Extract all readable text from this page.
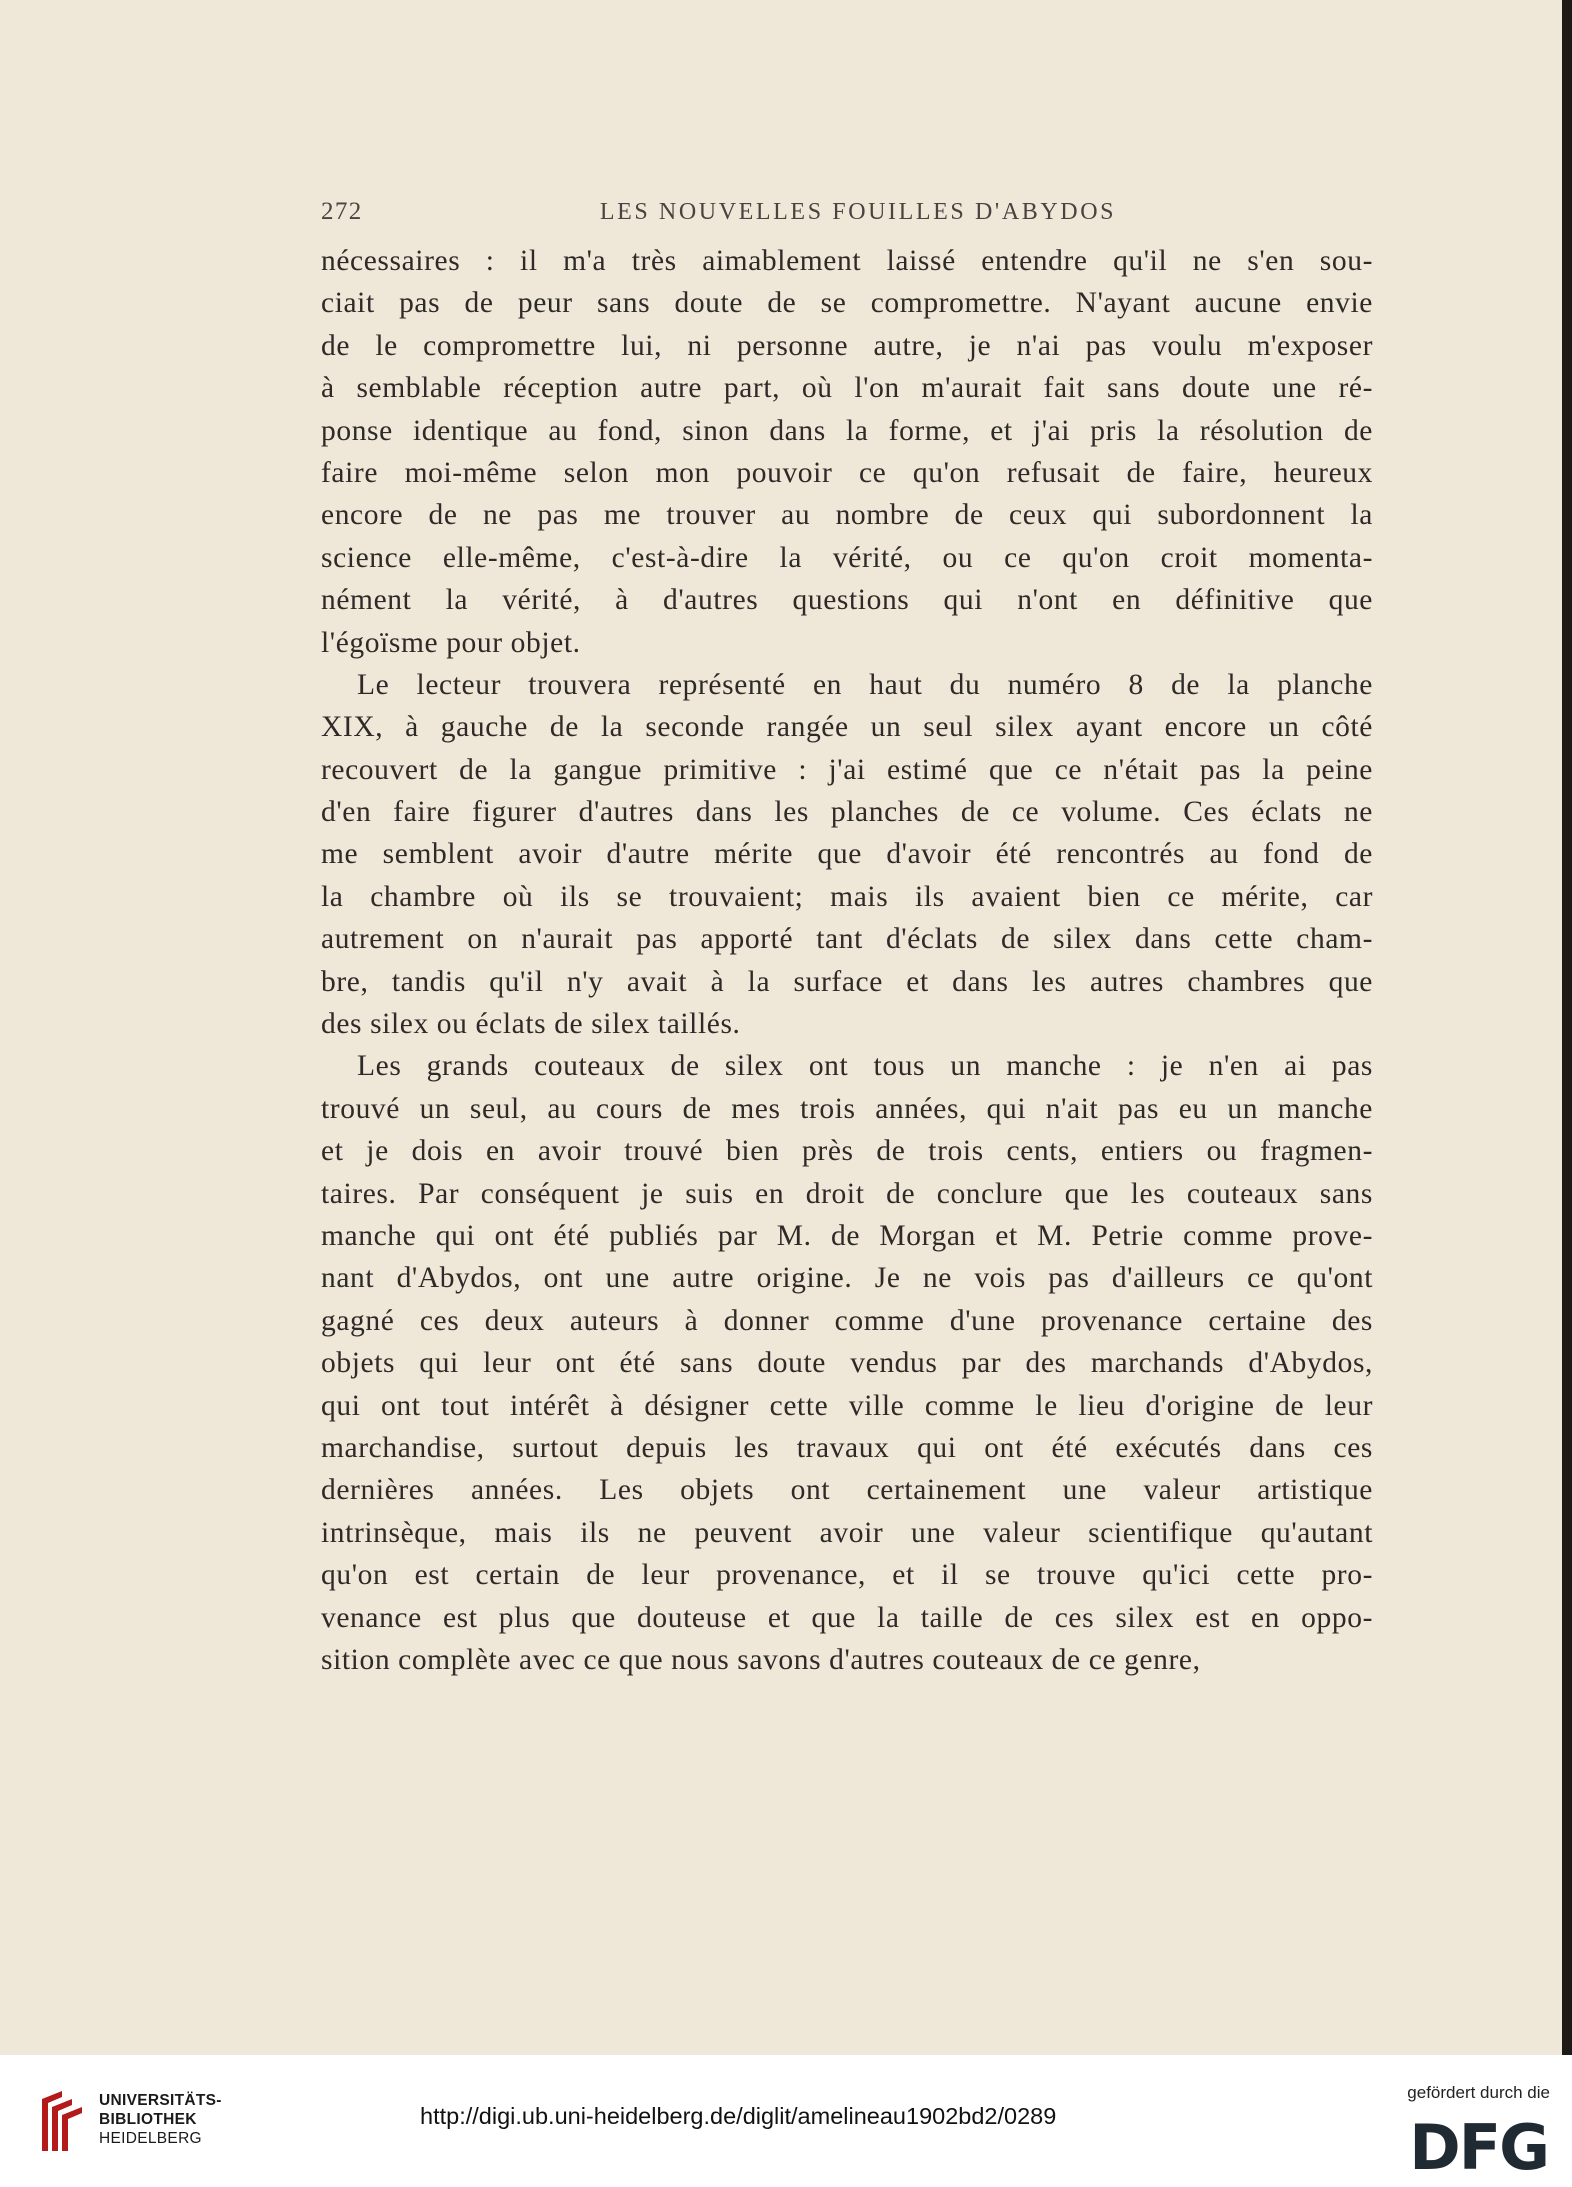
272	LES NOUVELLES FOUILLES D'ABYDOS
nécessaires : il m'a très aimablement laissé entendre qu'il ne s'en sou-
ciait pas de peur sans doute de se compromettre. N'ayant aucune envie
de le compromettre lui, ni personne autre, je n'ai pas voulu m'exposer
à semblable réception autre part, où l'on m'aurait fait sans doute une ré-
ponse identique au fond, sinon dans la forme, et j'ai pris la résolution de
faire moi-même selon mon pouvoir ce qu'on refusait de faire, heureux
encore de ne pas me trouver au nombre de ceux qui subordonnent la
science elle-même, c'est-à-dire la vérité, ou ce qu'on croit momenta-
nément la vérité, à d'autres questions qui n'ont en définitive que
l'égoïsme pour objet.
Le lecteur trouvera représenté en haut du numéro 8 de la planche
XIX, à gauche de la seconde rangée un seul silex ayant encore un côté
recouvert de la gangue primitive : j'ai estimé que ce n'était pas la peine
d'en faire figurer d'autres dans les planches de ce volume. Ces éclats ne
me semblent avoir d'autre mérite que d'avoir été rencontrés au fond de
la chambre où ils se trouvaient; mais ils avaient bien ce mérite, car
autrement on n'aurait pas apporté tant d'éclats de silex dans cette cham-
bre, tandis qu'il n'y avait à la surface et dans les autres chambres que
des silex ou éclats de silex taillés.
Les grands couteaux de silex ont tous un manche : je n'en ai pas
trouvé un seul, au cours de mes trois années, qui n'ait pas eu un manche
et je dois en avoir trouvé bien près de trois cents, entiers ou fragmen-
taires. Par conséquent je suis en droit de conclure que les couteaux sans
manche qui ont été publiés par M. de Morgan et M. Petrie comme prove-
nant d'Abydos, ont une autre origine. Je ne vois pas d'ailleurs ce qu'ont
gagné ces deux auteurs à donner comme d'une provenance certaine des
objets qui leur ont été sans doute vendus par des marchands d'Abydos,
qui ont tout intérêt à désigner cette ville comme le lieu d'origine de leur
marchandise, surtout depuis les travaux qui ont été exécutés dans ces
dernières années. Les objets ont certainement une valeur artistique
intrinsèque, mais ils ne peuvent avoir une valeur scientifique qu'autant
qu'on est certain de leur provenance, et il se trouve qu'ici cette pro-
venance est plus que douteuse et que la taille de ces silex est en oppo-
sition complète avec ce que nous savons d'autres couteaux de ce genre,
UNIVERSITÄTS-
BIBLIOTHEK
HEIDELBERG
http://digi.ub.uni-heidelberg.de/diglit/amelineau1902bd2/0289
gefördert durch die
DFG
